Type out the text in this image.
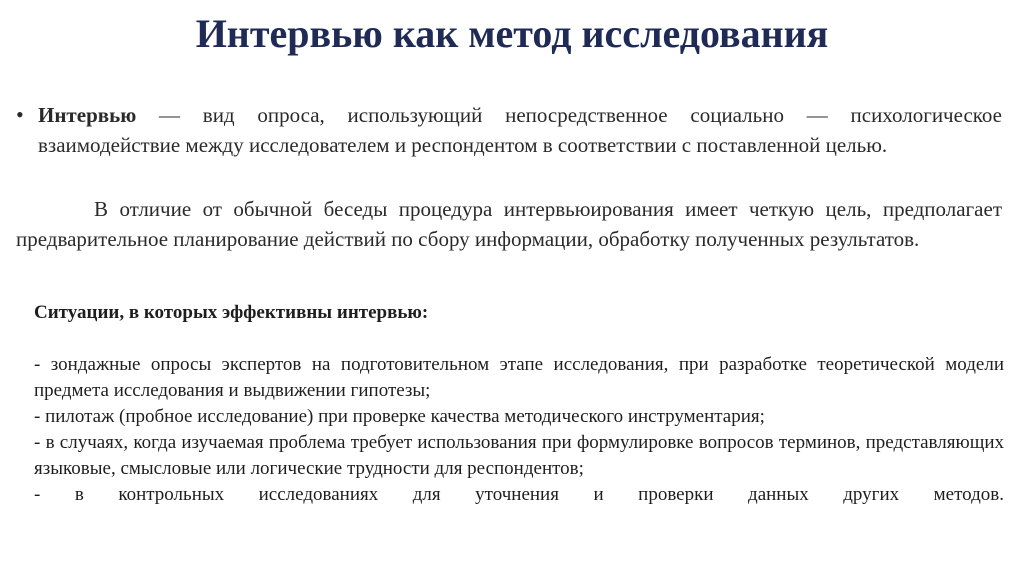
Интервью как метод исследования
• Интервью — вид опроса, использующий непосредственное социально — психологическое взаимодействие между исследователем и респондентом в соответствии с поставленной целью.
В отличие от обычной беседы процедура интервьюирования имеет четкую цель, предполагает предварительное планирование действий по сбору информации, обработку полученных результатов.
Ситуации, в которых эффективны интервью:
- зондажные опросы экспертов на подготовительном этапе исследования, при разработке теоретической модели предмета исследования и выдвижении гипотезы;
- пилотаж (пробное исследование) при проверке качества методического инструментария;
- в случаях, когда изучаемая проблема требует использования при формулировке вопросов терминов, представляющих языковые, смысловые или логические трудности для респондентов;
- в контрольных исследованиях для уточнения и проверки данных других методов.
